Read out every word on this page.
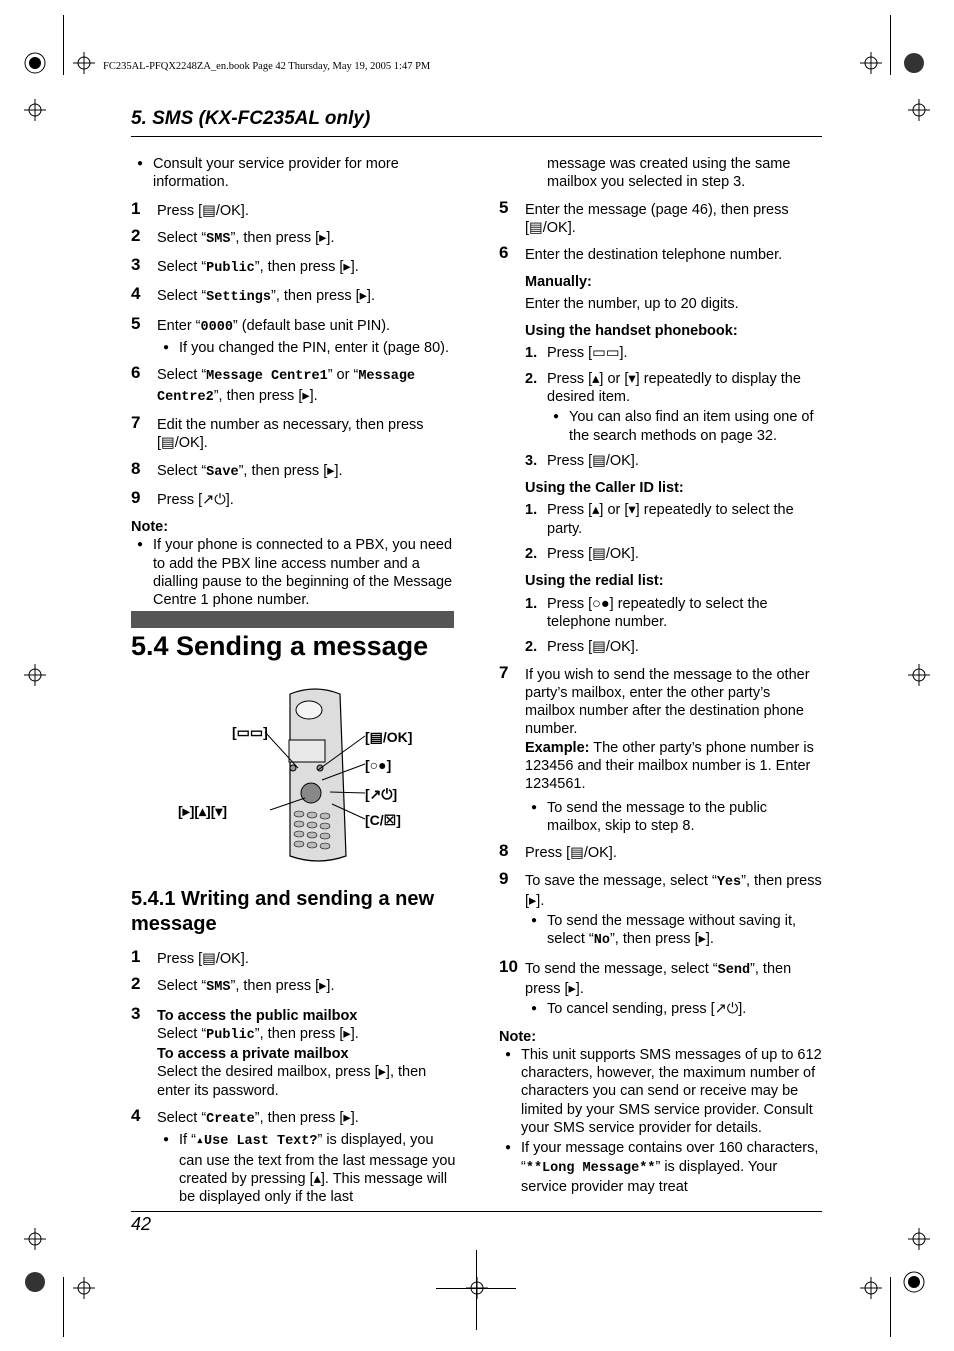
FC235AL-PFQX2248ZA_en.book Page 42 Thursday, May 19, 2005 1:47 PM
5. SMS (KX-FC235AL only)
● Consult your service provider for more information.
1 Press [▤/OK].
2 Select “SMS”, then press [▸].
3 Select “Public”, then press [▸].
4 Select “Settings”, then press [▸].
5 Enter “0000” (default base unit PIN).
● If you changed the PIN, enter it (page 80).
6 Select “Message Centre1” or “Message Centre2”, then press [▸].
7 Edit the number as necessary, then press [▤/OK].
8 Select “Save”, then press [▸].
9 Press [↗⏻].
Note:
● If your phone is connected to a PBX, you need to add the PBX line access number and a dialling pause to the beginning of the Message Centre 1 phone number.
5.4 Sending a message
[▭▭]	[▤/OK]
[○●]
[↗⏻]
[▸][▴][▾]
[C/☒]
5.4.1 Writing and sending a new message
1 Press [▤/OK].
2 Select “SMS”, then press [▸].
3 To access the public mailbox
Select “Public”, then press [▸].
To access a private mailbox
Select the desired mailbox, press [▸], then enter its password.
4 Select “Create”, then press [▸].
● If “▴Use Last Text?” is displayed, you can use the text from the last message you created by pressing [▴]. This message will be displayed only if the last
message was created using the same mailbox you selected in step 3.
5 Enter the message (page 46), then press [▤/OK].
6 Enter the destination telephone number.
Manually:
Enter the number, up to 20 digits.
Using the handset phonebook:
1. Press [▭▭].
2. Press [▴] or [▾] repeatedly to display the desired item.
● You can also find an item using one of the search methods on page 32.
3. Press [▤/OK].
Using the Caller ID list:
1. Press [▴] or [▾] repeatedly to select the party.
2. Press [▤/OK].
Using the redial list:
1. Press [○●] repeatedly to select the telephone number.
2. Press [▤/OK].
7 If you wish to send the message to the other party’s mailbox, enter the other party’s mailbox number after the destination phone number.
Example: The other party’s phone number is 123456 and their mailbox number is 1. Enter 1234561.
● To send the message to the public mailbox, skip to step 8.
8 Press [▤/OK].
9 To save the message, select “Yes”, then press [▸].
● To send the message without saving it, select “No”, then press [▸].
10 To send the message, select “Send”, then press [▸].
● To cancel sending, press [↗⏻].
Note:
● This unit supports SMS messages of up to 612 characters, however, the maximum number of characters you can send or receive may be limited by your SMS service provider. Consult your SMS service provider for details.
● If your message contains over 160 characters, “**Long Message**” is displayed. Your service provider may treat
42
